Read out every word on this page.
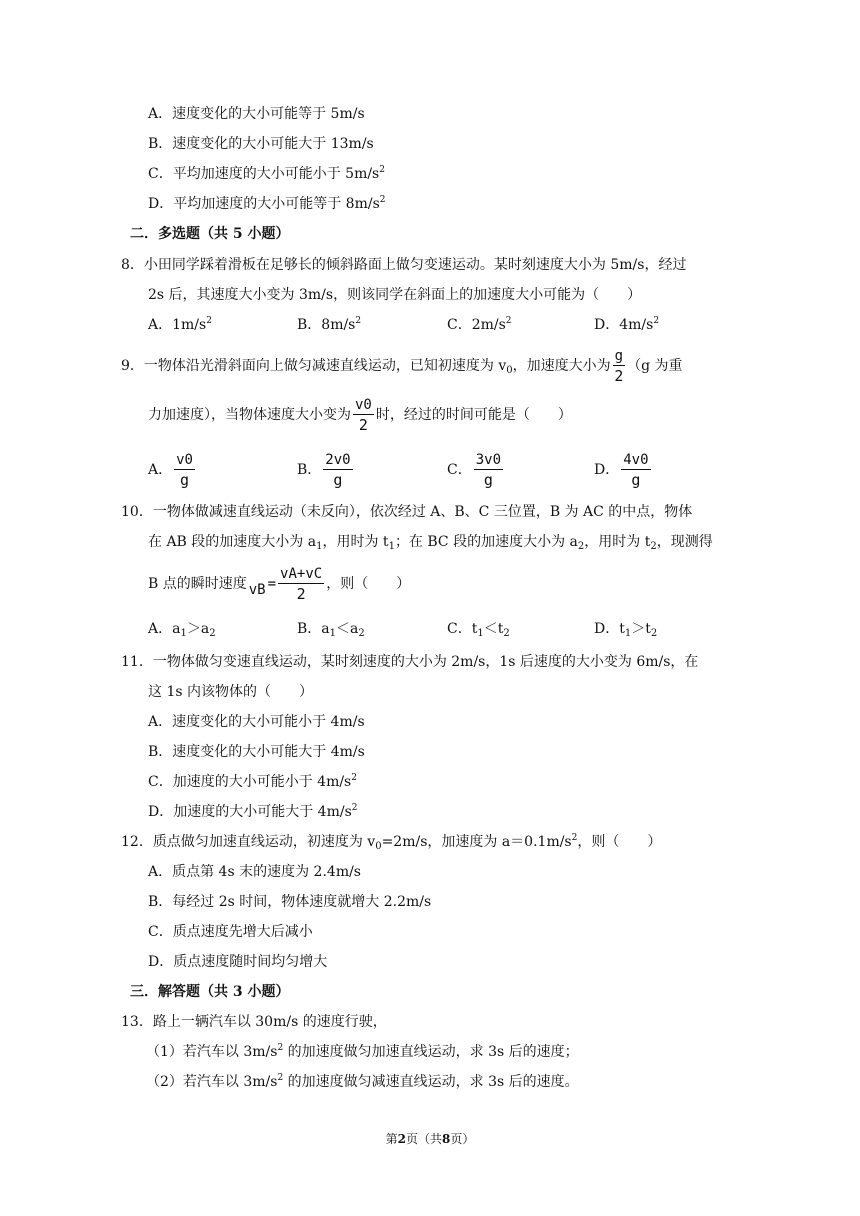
A．速度变化的大小可能等于 5m/s
B．速度变化的大小可能大于 13m/s
C．平均加速度的大小可能小于 $5m/s^2$
D．平均加速度的大小可能等于 $8m/s^2$
二．多选题（共 5 小题）
8．小田同学踩着滑板在足够长的倾斜路面上做匀变速运动。某时刻速度大小为 5m/s，经过
2s 后，其速度大小变为 3m/s，则该同学在斜面上的加速度大小可能为（　　）
A．$1m/s^2$	B．$8m/s^2$	C．$2m/s^2$	D．$4m/s^2$
9．一物体沿光滑斜面向上做匀减速直线运动，已知初速度为 $v_0$，加速度大小为 $\frac{g}{2} (g$ 为重
力加速度），当物体速度大小变为 $\frac{v0}{2}$ 时，经过的时间可能是（　　）
A． $\frac{v0}{g}$	B． $\frac{2v0}{g}$	C． $\frac{3v0}{g}$	D． $\frac{4v0}{g}$
10．一物体做减速直线运动（未反向），依次经过 A、B、C 三位置，B 为 AC 的中点，物体
在 AB 段的加速度大小为 $a_1$，用时为 $t_1$；在 BC 段的加速度大小为 $a_2$，用时为 $t_2$，现测得
B 点的瞬时速度 vB = $\frac{vA+vC}{2}$ ，则（　　）
A．$a_1>a_2$	B．$a_1<a_2$	C．$t_1<t_2$	D．$t_1>t_2$
11．一物体做匀变速直线运动，某时刻速度的大小为 2m/s，1s 后速度的大小变为 6m/s，在
这 1s 内该物体的（　　）
A．速度变化的大小可能小于 4m/s
B．速度变化的大小可能大于 4m/s
C．加速度的大小可能小于 $4m/s^2$
D．加速度的大小可能大于 $4m/s^2$
12．质点做匀加速直线运动，初速度为 $v_0=2m/s$，加速度为 $a=0.1m/s^2$，则（　　）
A．质点第 4s 末的速度为 2.4m/s
B．每经过 2s 时间，物体速度就增大 2.2m/s
C．质点速度先增大后减小
D．质点速度随时间均匀增大
三．解答题（共 3 小题）
13．路上一辆汽车以 30m/s 的速度行驶，
（1）若汽车以 $3m/s^2$ 的加速度做匀加速直线运动，求 3s 后的速度；
（2）若汽车以 $3m/s^2$ 的加速度做匀减速直线运动，求 3s 后的速度。
第2页（共8页）
